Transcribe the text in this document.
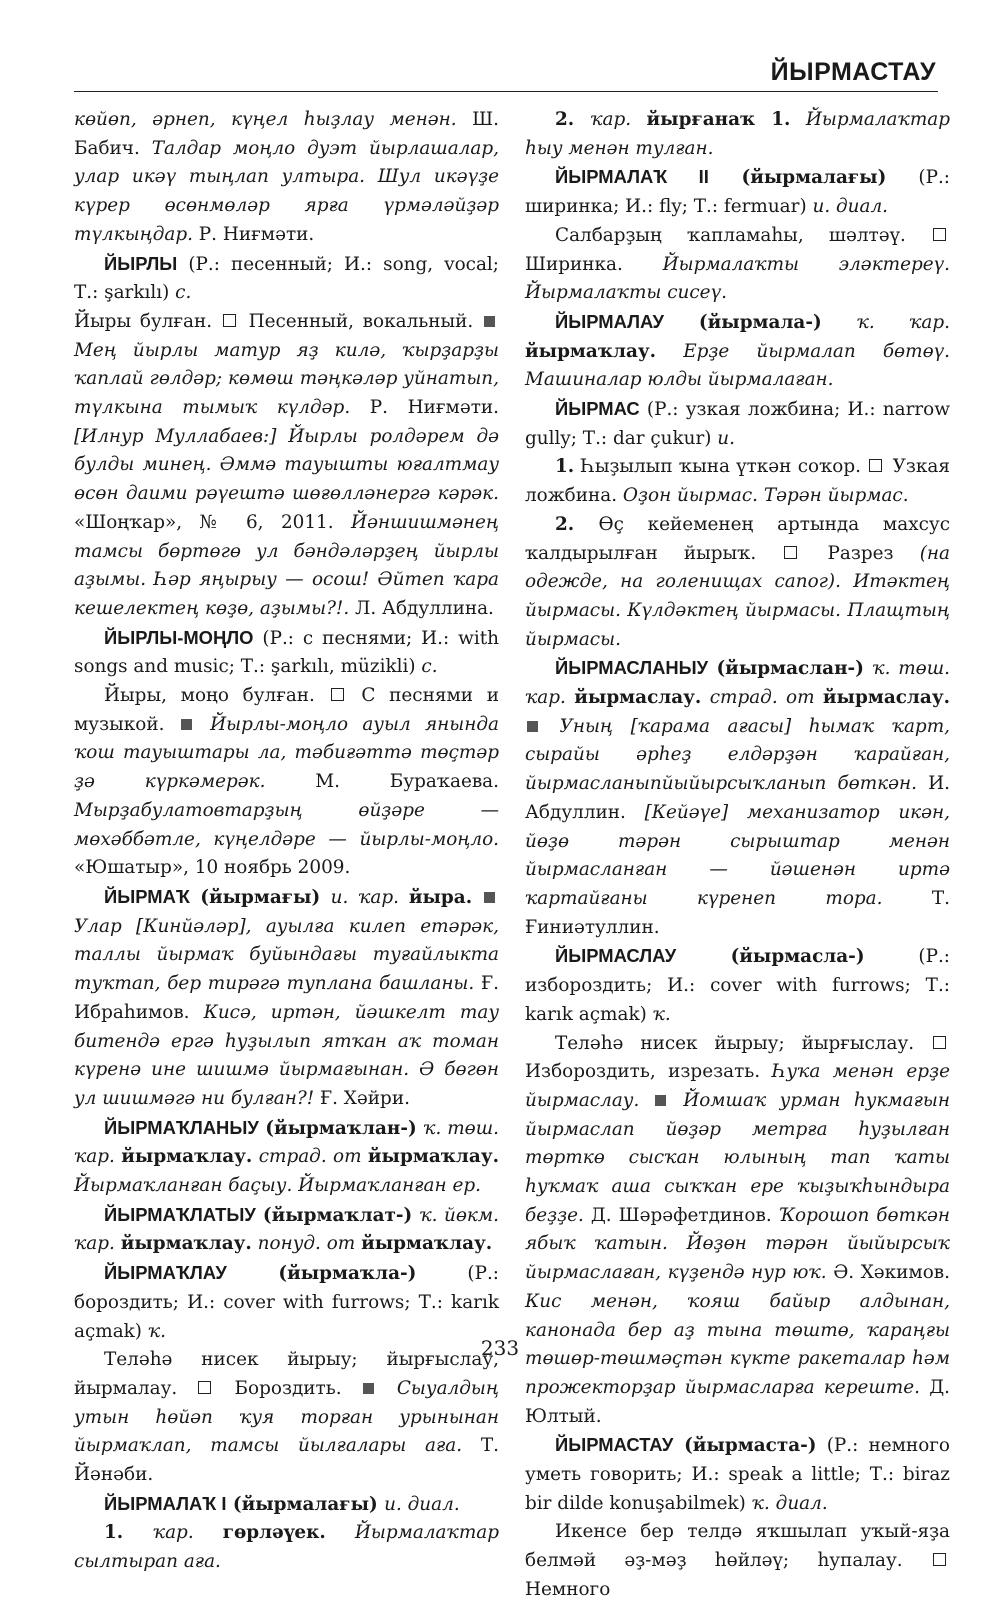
ЙЫРМАСТАУ

көйөп, әрнеп, күңел һыҙлау менән. Ш. Бабич. Талдар моңло дуэт йырлашалар, улар икәү тыңлап ултыра. Шул икәүҙе күрер өсөнмөләр ярға үрмәләйҙәр түлкыңдар. Р. Ниғмәти.

ЙЫРЛЫ (Р.: песенный; И.: song, vocal; Т.: şarkılı) с.

Йыры булған.  Песенный, вокальный.  Мең йырлы матур яҙ килә, ҡырҙарҙы ҡаплай гөлдәр; көмөш тәңкәләр уйнатып, түлкына тымыҡ күлдәр. Р. Ниғмәти. [Илнур Муллабаев:] Йырлы ролдәрем дә булды минең. Әммә тауышты юғалтмау өсөн даими рәүештә шөғөлләнергә кәрәк. «Шоңҡар», № 6, 2011. Йәншишмәнең тамсы бөртөгө ул бәндәләрҙең йырлы аҙымы. Һәр яңырыу — осош! Әйтеп ҡара кешелектең көҙө, аҙымы?!. Л. Абдуллина.

ЙЫРЛЫ-МОҢЛО (Р.: с песнями; И.: with songs and music; Т.: şarkılı, müzikli) с.

Йыры, моңо булған.  С песнями и музыкой.  Йырлы-моңло ауыл янында ҡош тауыштары ла, тәбиғәттә төҫтәр ҙә күркәмерәк. М. Бураҡаева. Мырҙабулатовтарҙың өйҙәре — мөхәббәтле, күңелдәре — йырлы-моңло. «Юшатыр», 10 ноябрь 2009.

ЙЫРМАҠ (йырмағы) и. ҡар. йыра.  Улар [Кинйәләр], ауылға килеп етәрәк, таллы йырмаҡ буйындағы туғайлыкта туҡтап, бер тирәгә туплана башланы. Ғ. Ибраһимов. Кисә, иртән, йәшкелт тау битендә ергә һуҙылып ятҡан аҡ томан күренә ине шишмә йырмағынан. Ә бөгөн ул шишмәгә ни булған?! Ғ. Хәйри.

ЙЫРМАҠЛАНЫУ (йырмаҡлан-) ҡ. төш. ҡар. йырмаҡлау. страд. от йырмаҡлау. Йырмаҡланған баҫыу. Йырмаҡланған ер.

ЙЫРМАҠЛАТЫУ (йырмаҡлат-) ҡ. йөкм. ҡар. йырмаҡлау. понуд. от йырмаҡлау.

ЙЫРМАҠЛАУ (йырмаҡла-) (Р.: бороздить; И.: cover with furrows; Т.: karık açmak) ҡ.

Теләһә нисек йырыу; йырғыслау, йырмалау.  Бороздить.  Сыуалдың утын һөйәп ҡуя торған урынынан йырмаҡлап, тамсы йылғалары аға. Т. Йәнәби.

ЙЫРМАЛАҠ І (йырмалағы) и. диал.

1. ҡар. гөрләүек. Йырмалаҡтар сылтырап аға.

2. ҡар. йырғанаҡ 1. Йырмалаҡтар һыу менән тулған.

ЙЫРМАЛАҠ II (йырмалағы) (Р.: ширинка; И.: fly; Т.: fermuar) и. диал.

Салбарҙың ҡапламаһы, шәлтәү.  Ширинка. Йырмалаҡты эләктереү. Йырмалаҡты сисеү.

ЙЫРМАЛАУ (йырмала-) ҡ. ҡар. йырмаҡлау. Ерҙе йырмалап бөтөү. Машиналар юлды йырмалаған.

ЙЫРМАС (Р.: узкая ложбина; И.: narrow gully; Т.: dar çukur) и.

1. Һыҙылып ҡына үткән соҡор.  Узкая ложбина. Оҙон йырмас. Тәрән йырмас.

2. Өҫ кейеменең артында махсус ҡалдырылған йырыҡ.  Разрез (на одежде, на голенищах сапог). Итәктең йырмасы. Күлдәктең йырмасы. Плащтың йырмасы.

ЙЫРМАСЛАНЫУ (йырмаслан-) ҡ. төш. ҡар. йырмаслау. страд. от йырмаслау.  Уның [ҡарама ағасы] һымаҡ ҡарт, сырайы әрһеҙ елдәрҙән ҡарайған, йырмасланыпйыйырсыҡланып бөткән. И. Абдуллин. [Кейәүе] механизатор икән, йөҙө тәрән сырыштар менән йырмасланған — йәшенән иртә ҡартайғаны күренеп тора. Т. Ғиниәтуллин.

ЙЫРМАСЛАУ (йырмасла-) (Р.: избороздить; И.: cover with furrows; Т.: karık açmak) ҡ.

Теләһә нисек йырыу; йырғыслау.  Избороздить, изрезать. Һуҡа менән ерҙе йырмаслау.  Йомшаҡ урман һукмағын йырмаслап йөҙәр метрға һуҙылған төрткө сысҡан юлының тап ҡаты һуҡмаҡ аша сыҡҡан ере ҡыҙыҡһындыра беҙҙе. Д. Шәрәфетдинов. Ҡорошоп бөткән ябыҡ ҡатын. Йөҙөн тәрән йыйырсыҡ йырмаслаған, күҙендә нур юҡ. Ә. Хәкимов. Кис менән, ҡояш байыр алдынан, канонада бер аҙ тына төштө, ҡараңғы төшөр-төшмәҫтән күкте ракеталар һәм прожекторҙар йырмасларға кереште. Д. Юлтый.

ЙЫРМАСТАУ (йырмаста-) (Р.: немного уметь говорить; И.: speak a little; Т.: biraz bir dilde konuşabilmek) ҡ. диал.

Икенсе бер телдә яҡшылап уҡый-яҙа белмәй әҙ-мәҙ һөйләү; һупалау.  Немного

233
